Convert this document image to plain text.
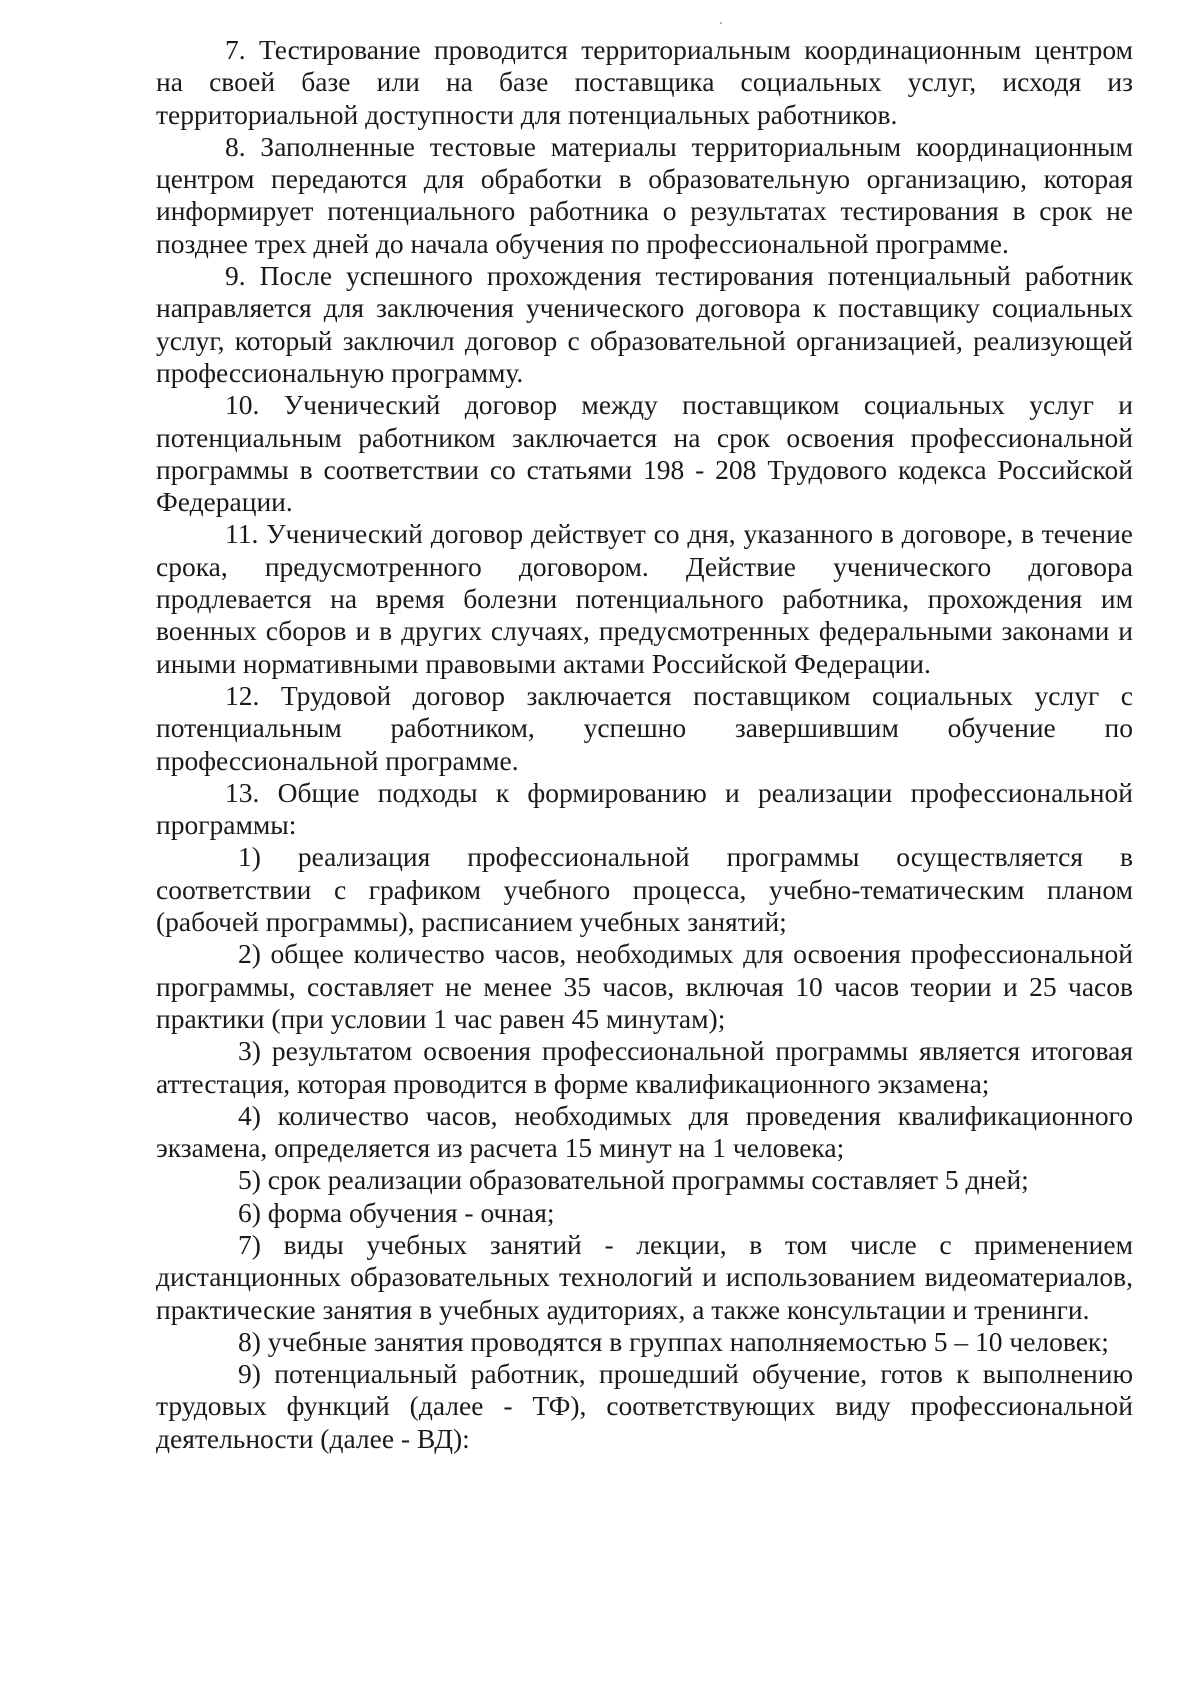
7. Тестирование проводится территориальным координационным центром на своей базе или на базе поставщика социальных услуг, исходя из территориальной доступности для потенциальных работников.

8. Заполненные тестовые материалы территориальным координационным центром передаются для обработки в образовательную организацию, которая информирует потенциального работника о результатах тестирования в срок не позднее трех дней до начала обучения по профессиональной программе.

9. После успешного прохождения тестирования потенциальный работник направляется для заключения ученического договора к поставщику социальных услуг, который заключил договор с образовательной организацией, реализующей профессиональную программу.

10. Ученический договор между поставщиком социальных услуг и потенциальным работником заключается на срок освоения профессиональной программы в соответствии со статьями 198 - 208 Трудового кодекса Российской Федерации.

11. Ученический договор действует со дня, указанного в договоре, в течение срока, предусмотренного договором. Действие ученического договора продлевается на время болезни потенциального работника, прохождения им военных сборов и в других случаях, предусмотренных федеральными законами и иными нормативными правовыми актами Российской Федерации.

12. Трудовой договор заключается поставщиком социальных услуг с потенциальным работником, успешно завершившим обучение по профессиональной программе.

13. Общие подходы к формированию и реализации профессиональной программы:

1) реализация профессиональной программы осуществляется в соответствии с графиком учебного процесса, учебно-тематическим планом (рабочей программы), расписанием учебных занятий;

2) общее количество часов, необходимых для освоения профессиональной программы, составляет не менее 35 часов, включая 10 часов теории и 25 часов практики (при условии 1 час равен 45 минутам);

3) результатом освоения профессиональной программы является итоговая аттестация, которая проводится в форме квалификационного экзамена;

4) количество часов, необходимых для проведения квалификационного экзамена, определяется из расчета 15 минут на 1 человека;

5) срок реализации образовательной программы составляет 5 дней;

6) форма обучения - очная;

7) виды учебных занятий - лекции, в том числе с применением дистанционных образовательных технологий и использованием видеоматериалов, практические занятия в учебных аудиториях, а также консультации и тренинги.

8) учебные занятия проводятся в группах наполняемостью 5 – 10 человек;

9) потенциальный работник, прошедший обучение, готов к выполнению трудовых функций (далее - ТФ), соответствующих виду профессиональной деятельности (далее - ВД):
